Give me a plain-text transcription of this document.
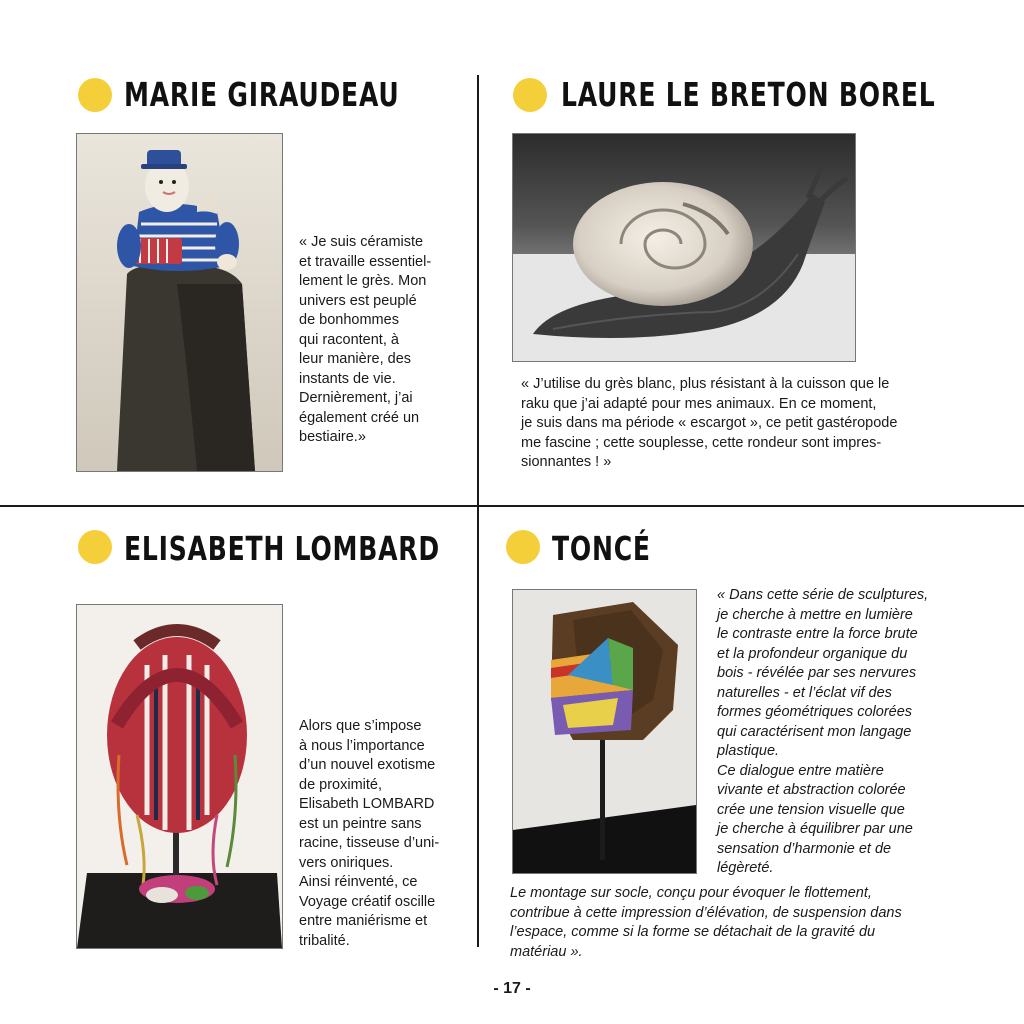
MARIE GIRAUDEAU

« Je suis céramiste
et travaille essentiel-
lement le grès. Mon
univers est peuplé
de bonhommes
qui racontent, à
leur manière, des
instants de vie.
Dernièrement, j’ai
également créé un
bestiaire.»

LAURE LE BRETON BOREL

« J’utilise du grès blanc, plus résistant à la cuisson que le
raku que j’ai adapté pour mes animaux. En ce moment,
je suis dans ma période « escargot », ce petit gastéropode
me fascine ; cette souplesse, cette rondeur sont impres-
sionnantes ! »

ELISABETH LOMBARD

Alors que s’impose
à nous l’importance
d’un nouvel exotisme
de proximité,
Elisabeth LOMBARD
est un peintre sans
racine, tisseuse d’uni-
vers oniriques.
Ainsi réinventé, ce
Voyage créatif oscille
entre maniérisme et
tribalité.

TONCÉ

« Dans cette série de sculptures,
je cherche à mettre en lumière
le contraste entre la force brute
et la profondeur organique du
bois - révélée par ses nervures
naturelles - et l’éclat vif des
formes géométriques colorées
qui caractérisent mon langage
plastique.
Ce dialogue entre matière
vivante et abstraction colorée
crée une tension visuelle que
je cherche à équilibrer par une
sensation d’harmonie et de
légèreté.

Le montage sur socle, conçu pour évoquer le flottement,
contribue à cette impression d’élévation, de suspension dans
l’espace, comme si la forme se détachait de la gravité du
matériau ».

- 17 -
